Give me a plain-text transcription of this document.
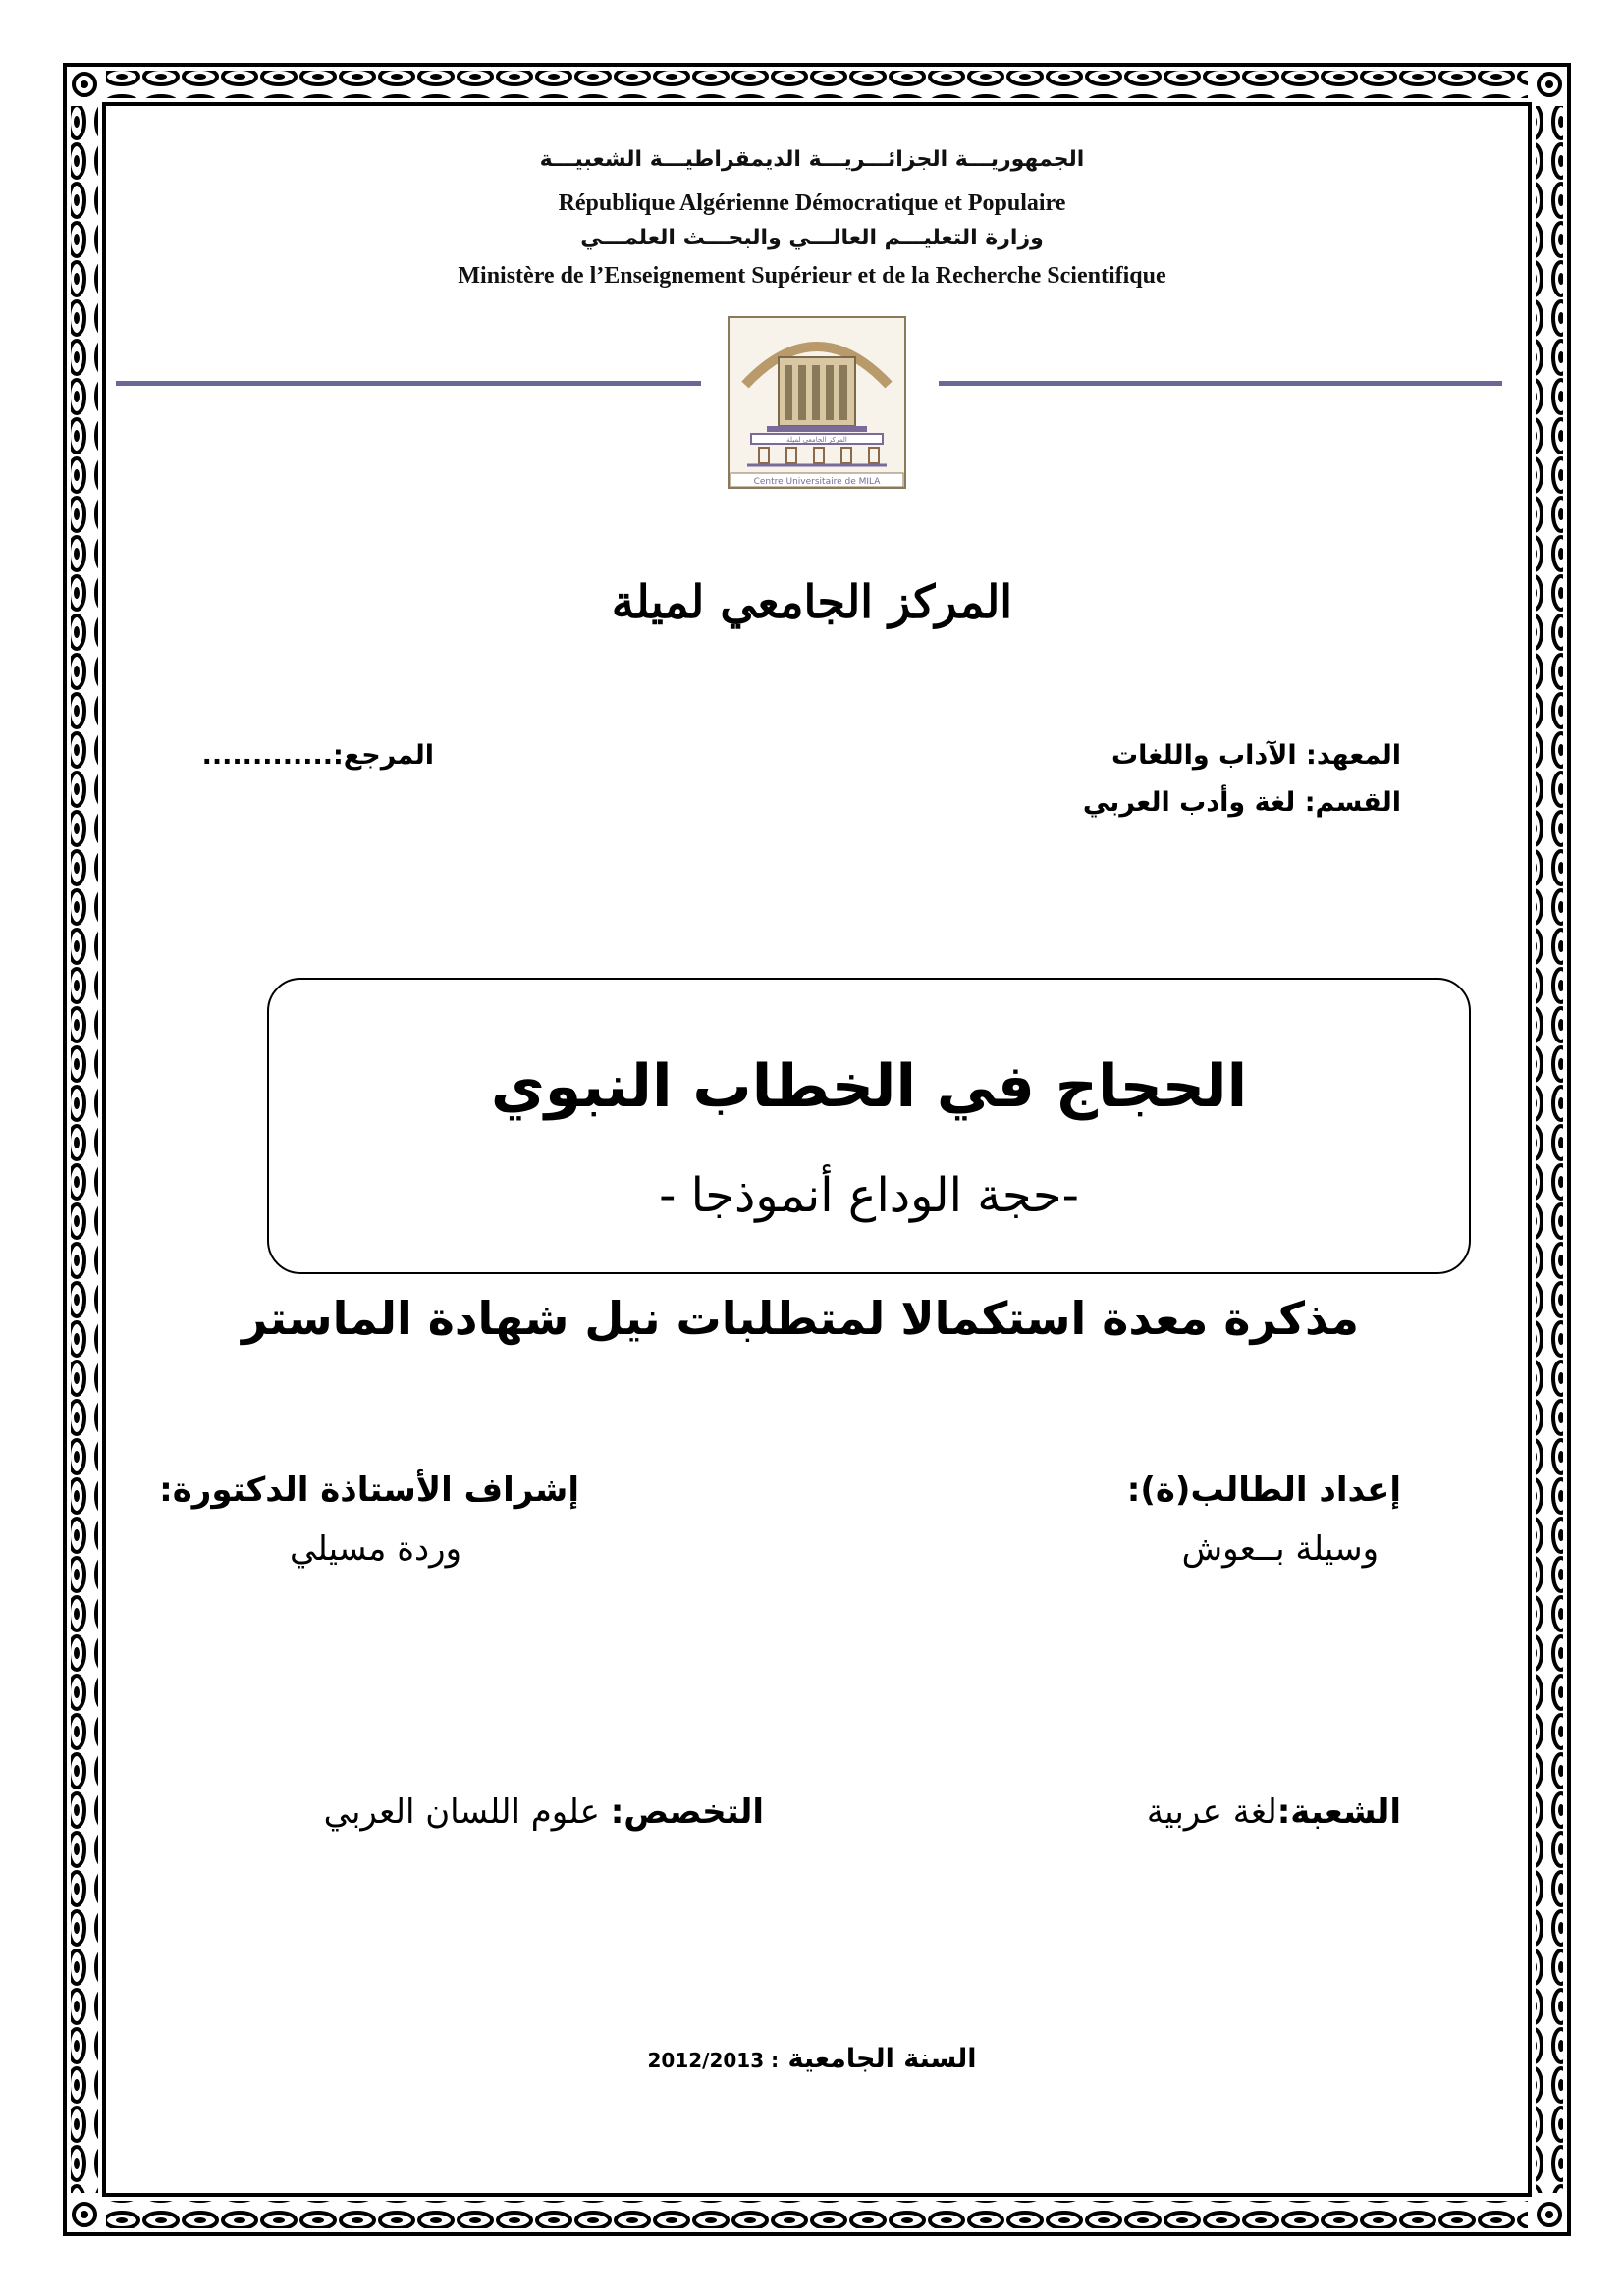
الجمهوريـــة الجزائـــريـــة الديمقراطيـــة الشعبيـــة
République Algérienne Démocratique et Populaire
وزارة التعليـــم العالـــي والبحـــث العلمـــي
Ministère de l’Enseignement Supérieur et de la Recherche Scientifique
Centre Universitaire de MILA
المركز الجامعي لميلة
المركز الجامعي لميلة
المعهد: الآداب واللغات
القسم: لغة وأدب العربي
المرجع:.............
الحجاج في الخطاب النبوي
-حجة الوداع أنموذجا -
مذكرة معدة استكمالا لمتطلبات نيل شهادة الماستر
إعداد الطالب(ة):
وسيلة بــعوش
إشراف الأستاذة الدكتورة:
وردة مسيلي
الشعبة:لغة عربية
التخصص: علوم اللسان العربي
السنة الجامعية : 2012/2013
